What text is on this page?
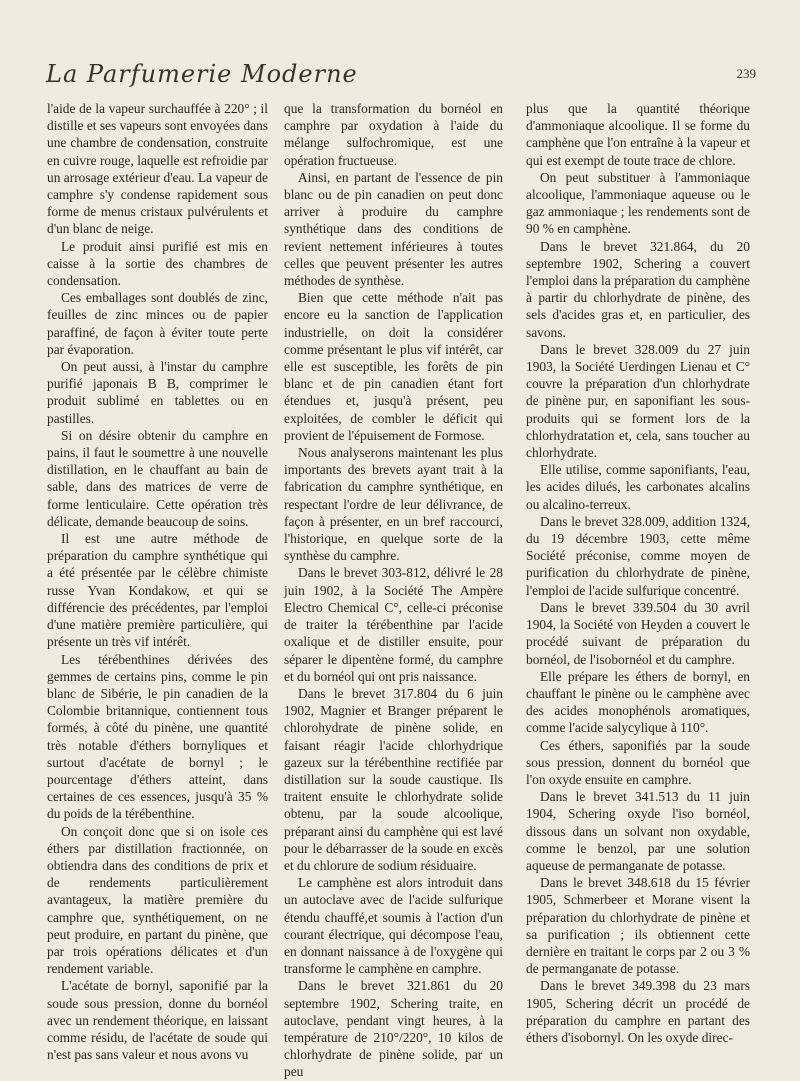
La Parfumerie Moderne	239

l'aide de la vapeur surchauffée à 220° ; il distille et ses vapeurs sont envoyées dans une chambre de condensation, construite en cuivre rouge, laquelle est refroidie par un arrosage extérieur d'eau. La vapeur de camphre s'y condense rapidement sous forme de menus cristaux pulvérulents et d'un blanc de neige.

Le produit ainsi purifié est mis en caisse à la sortie des chambres de condensation.

Ces emballages sont doublés de zinc, feuilles de zinc minces ou de papier paraffiné, de façon à éviter toute perte par évaporation.

On peut aussi, à l'instar du camphre purifié japonais B B, comprimer le produit sublimé en tablettes ou en pastilles.

Si on désire obtenir du camphre en pains, il faut le soumettre à une nouvelle distillation, en le chauffant au bain de sable, dans des matrices de verre de forme lenticulaire. Cette opération très délicate, demande beaucoup de soins.

Il est une autre méthode de préparation du camphre synthétique qui a été présentée par le célèbre chimiste russe Yvan Kondakow, et qui se différencie des précédentes, par l'emploi d'une matière première particulière, qui présente un très vif intérêt.

Les térébenthines dérivées des gemmes de certains pins, comme le pin blanc de Sibérie, le pin canadien de la Colombie britannique, contiennent tous formés, à côté du pinène, une quantité très notable d'éthers bornyliques et surtout d'acétate de bornyl ; le pourcentage d'éthers atteint, dans certaines de ces essences, jusqu'à 35 % du poids de la térébenthine.

On conçoit donc que si on isole ces éthers par distillation fractionnée, on obtiendra dans des conditions de prix et de rendements particulièrement avantageux, la matière première du camphre que, synthétiquement, on ne peut produire, en partant du pinène, que par trois opérations délicates et d'un rendement variable.

L'acétate de bornyl, saponifié par la soude sous pression, donne du bornéol avec un rendement théorique, en laissant comme résidu, de l'acétate de soude qui n'est pas sans valeur et nous avons vu

que la transformation du bornéol en camphre par oxydation à l'aide du mélange sulfochromique, est une opération fructueuse.

Ainsi, en partant de l'essence de pin blanc ou de pin canadien on peut donc arriver à produire du camphre synthétique dans des conditions de revient nettement inférieures à toutes celles que peuvent présenter les autres méthodes de synthèse.

Bien que cette méthode n'ait pas encore eu la sanction de l'application industrielle, on doit la considérer comme présentant le plus vif intérêt, car elle est susceptible, les forêts de pin blanc et de pin canadien étant fort étendues et, jusqu'à présent, peu exploitées, de combler le déficit qui provient de l'épuisement de Formose.

Nous analyserons maintenant les plus importants des brevets ayant trait à la fabrication du camphre synthétique, en respectant l'ordre de leur délivrance, de façon à présenter, en un bref raccourci, l'historique, en quelque sorte de la synthèse du camphre.

Dans le brevet 303-812, délivré le 28 juin 1902, à la Société The Ampère Electro Chemical C°, celle-ci préconise de traiter la térébenthine par l'acide oxalique et de distiller ensuite, pour séparer le dipentène formé, du camphre et du bornéol qui ont pris naissance.

Dans le brevet 317.804 du 6 juin 1902, Magnier et Branger préparent le chlorohydrate de pinène solide, en faisant réagir l'acide chlorhydrique gazeux sur la térébenthine rectifiée par distillation sur la soude caustique. Ils traitent ensuite le chlorhydrate solide obtenu, par la soude alcoolique, préparant ainsi du camphène qui est lavé pour le débarrasser de la soude en excès et du chlorure de sodium résiduaire.

Le camphène est alors introduit dans un autoclave avec de l'acide sulfurique étendu chauffé,et soumis à l'action d'un courant électrique, qui décompose l'eau, en donnant naissance à de l'oxygène qui transforme le camphène en camphre.

Dans le brevet 321.861 du 20 septembre 1902, Schering traite, en autoclave, pendant vingt heures, à la température de 210°/220°, 10 kilos de chlorhydrate de pinène solide, par un peu

plus que la quantité théorique d'ammoniaque alcoolique. Il se forme du camphène que l'on entraîne à la vapeur et qui est exempt de toute trace de chlore.

On peut substituer à l'ammoniaque alcoolique, l'ammoniaque aqueuse ou le gaz ammoniaque ; les rendements sont de 90 % en camphène.

Dans le brevet 321.864, du 20 septembre 1902, Schering a couvert l'emploi dans la préparation du camphène à partir du chlorhydrate de pinène, des sels d'acides gras et, en particulier, des savons.

Dans le brevet 328.009 du 27 juin 1903, la Société Uerdingen Lienau et C° couvre la préparation d'un chlorhydrate de pinène pur, en saponifiant les sous-produits qui se forment lors de la chlorhydratation et, cela, sans toucher au chlorhydrate.

Elle utilise, comme saponifiants, l'eau, les acides dilués, les carbonates alcalins ou alcalino-terreux.

Dans le brevet 328.009, addition 1324, du 19 décembre 1903, cette même Société préconise, comme moyen de purification du chlorhydrate de pinène, l'emploi de l'acide sulfurique concentré.

Dans le brevet 339.504 du 30 avril 1904, la Société von Heyden a couvert le procédé suivant de préparation du bornéol, de l'isobornéol et du camphre.

Elle prépare les éthers de bornyl, en chauffant le pinène ou le camphène avec des acides monophénols aromatiques, comme l'acide salycylique à 110°.

Ces éthers, saponifiés par la soude sous pression, donnent du bornéol que l'on oxyde ensuite en camphre.

Dans le brevet 341.513 du 11 juin 1904, Schering oxyde l'iso bornéol, dissous dans un solvant non oxydable, comme le benzol, par une solution aqueuse de permanganate de potasse.

Dans le brevet 348.618 du 15 février 1905, Schmerbeer et Morane visent la préparation du chlorhydrate de pinène et sa purification ; ils obtiennent cette dernière en traitant le corps par 2 ou 3 % de permanganate de potasse.

Dans le brevet 349.398 du 23 mars 1905, Schering décrit un procédé de préparation du camphre en partant des éthers d'isobornyl. On les oxyde direc-
